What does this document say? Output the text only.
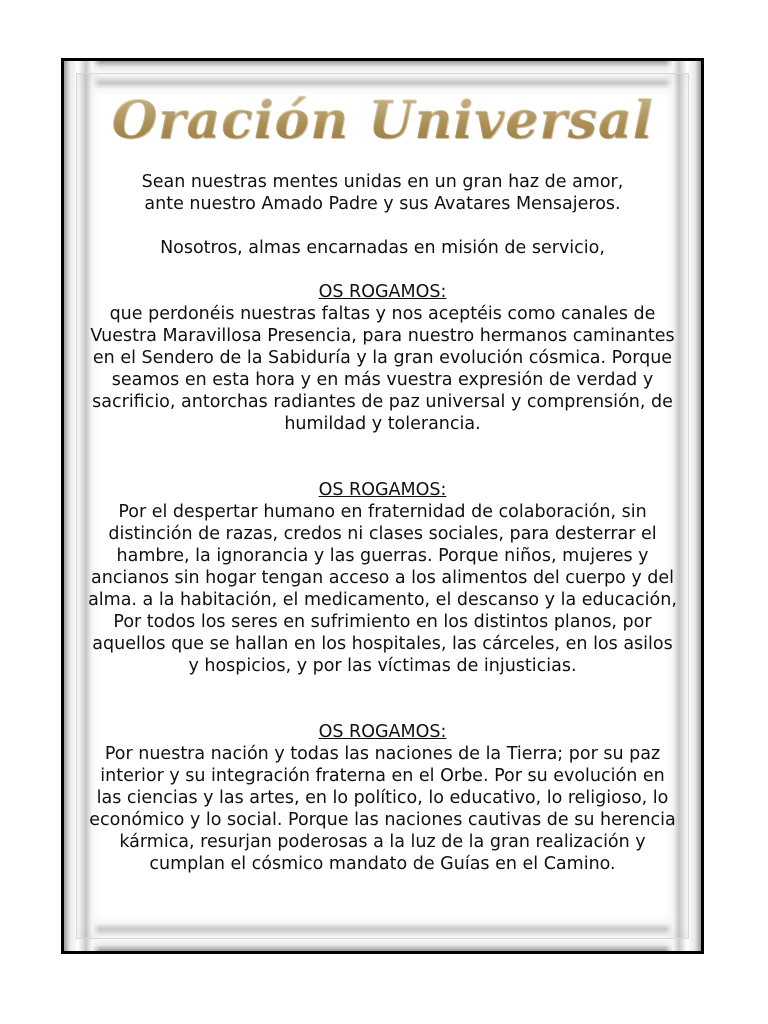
Oración Universal

Sean nuestras mentes unidas en un gran haz de amor,

ante nuestro Amado Padre y sus Avatares Mensajeros.

Nosotros, almas encarnadas en misión de servicio,

OS ROGAMOS:

que perdonéis nuestras faltas y nos aceptéis como canales de Vuestra Maravillosa Presencia, para nuestro hermanos caminantes en el Sendero de la Sabiduría y la gran evolución cósmica. Porque seamos en esta hora y en más vuestra expresión de verdad y sacrificio, antorchas radiantes de paz universal y comprensión, de humildad y tolerancia.

OS ROGAMOS:

Por el despertar humano en fraternidad de colaboración, sin distinción de razas, credos ni clases sociales, para desterrar el hambre, la ignorancia y las guerras. Porque niños, mujeres y ancianos sin hogar tengan acceso a los alimentos del cuerpo y del alma. a la habitación, el medicamento, el descanso y la educación, Por todos los seres en sufrimiento en los distintos planos, por aquellos que se hallan en los hospitales, las cárceles, en los asilos y hospicios, y por las víctimas de injusticias.

OS ROGAMOS:

Por nuestra nación y todas las naciones de la Tierra; por su paz interior y su integración fraterna en el Orbe. Por su evolución en las ciencias y las artes, en lo político, lo educativo, lo religioso, lo económico y lo social. Porque las naciones cautivas de su herencia kármica, resurjan poderosas a la luz de la gran realización y cumplan el cósmico mandato de Guías en el Camino.
